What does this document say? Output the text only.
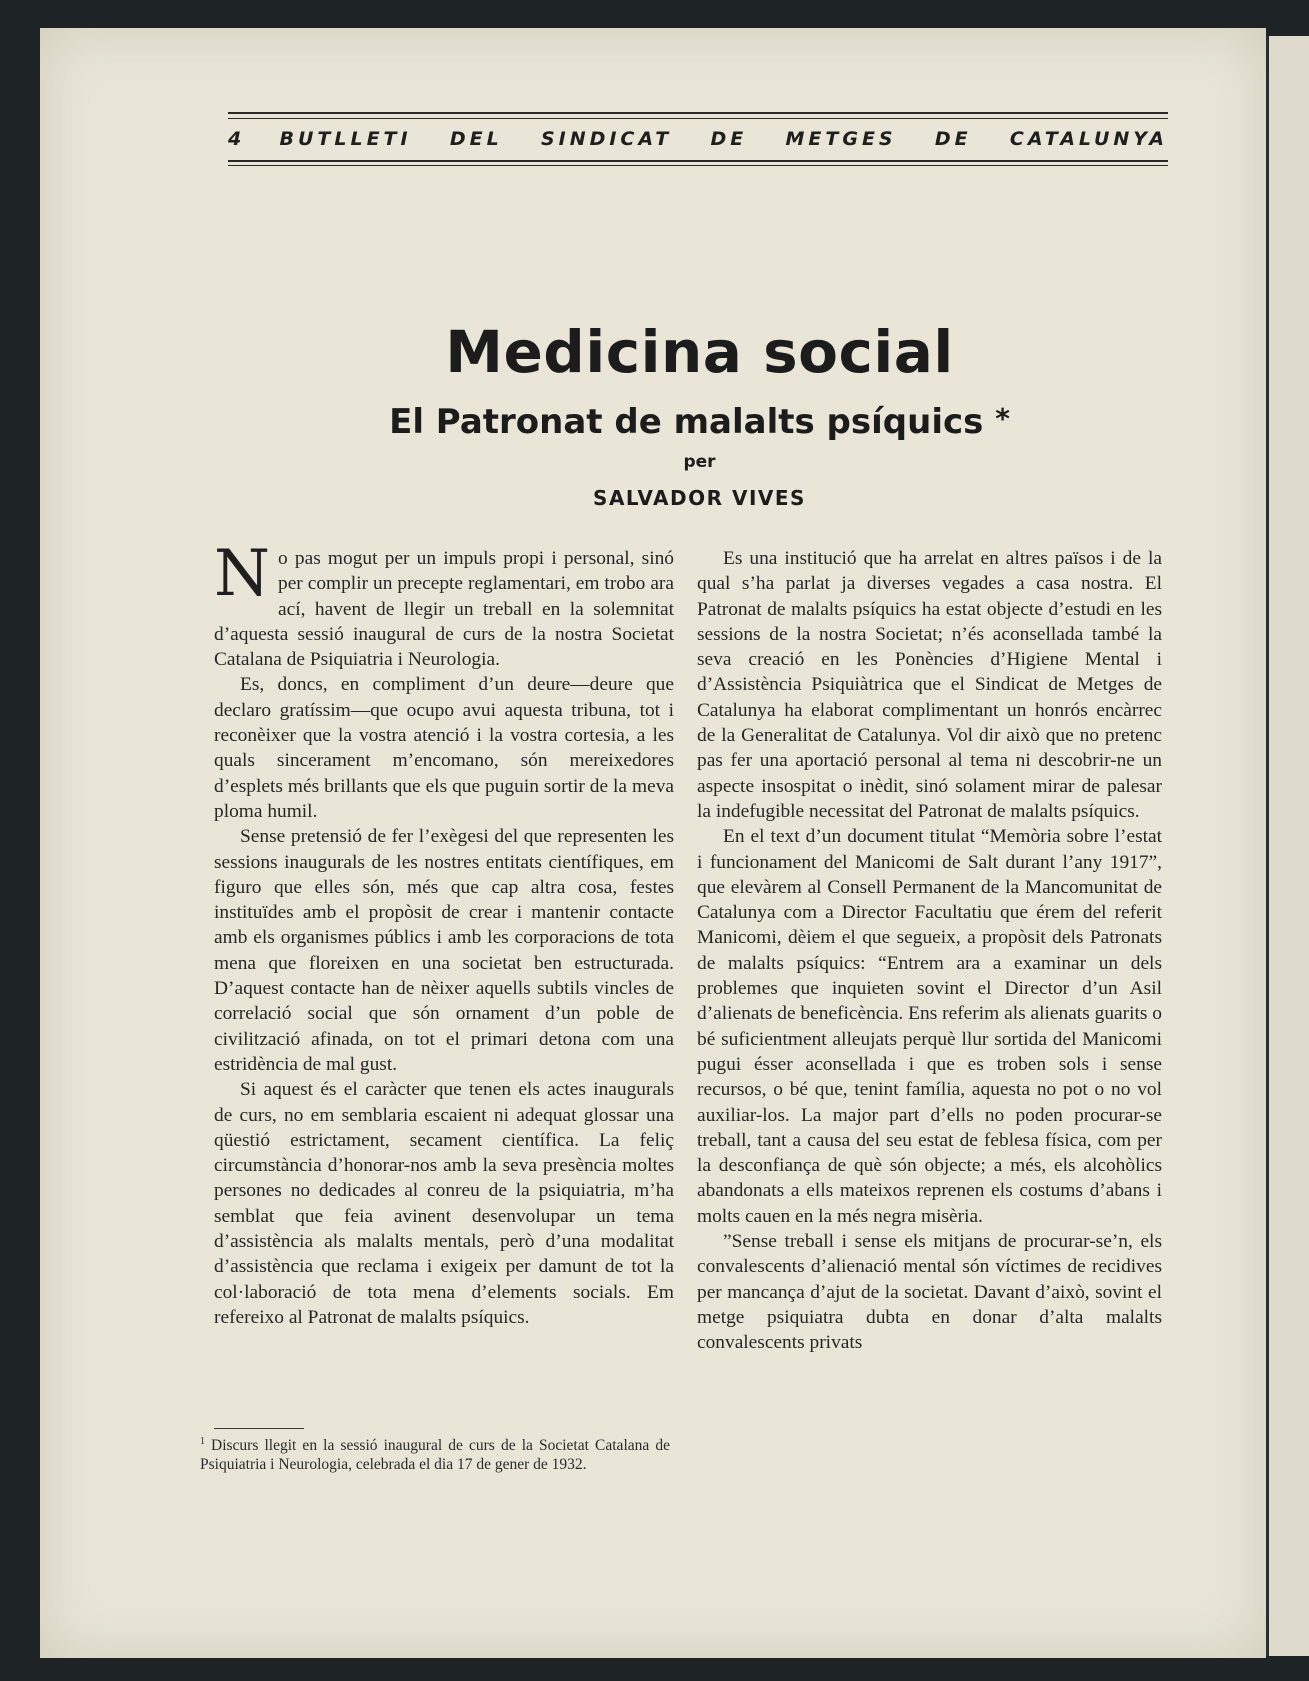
4 BUTLLETI DEL SINDICAT DE METGES DE CATALUNYA
Medicina social
El Patronat de malalts psíquics *
per
SALVADOR VIVES

No pas mogut per un impuls propi i personal, sinó per complir un precepte reglamentari, em trobo ara ací, havent de llegir un treball en la solemnitat d’aquesta sessió inaugural de curs de la nostra Societat Catalana de Psiquiatria i Neurologia.

Es, doncs, en compliment d’un deure—deure que declaro gratíssim—que ocupo avui aquesta tribuna, tot i reconèixer que la vostra atenció i la vostra cortesia, a les quals sincerament m’encomano, són mereixedores d’esplets més brillants que els que puguin sortir de la meva ploma humil.

Sense pretensió de fer l’exègesi del que representen les sessions inaugurals de les nostres entitats científiques, em figuro que elles són, més que cap altra cosa, festes instituïdes amb el propòsit de crear i mantenir contacte amb els organismes públics i amb les corporacions de tota mena que floreixen en una societat ben estructurada. D’aquest contacte han de nèixer aquells subtils vincles de correlació social que són ornament d’un poble de civilització afinada, on tot el primari detona com una estridència de mal gust.

Si aquest és el caràcter que tenen els actes inaugurals de curs, no em semblaria escaient ni adequat glossar una qüestió estrictament, secament científica. La feliç circumstància d’honorar-nos amb la seva presència moltes persones no dedicades al conreu de la psiquiatria, m’ha semblat que feia avinent desenvolupar un tema d’assistència als malalts mentals, però d’una modalitat d’assistència que reclama i exigeix per damunt de tot la col·laboració de tota mena d’elements socials. Em refereixo al Patronat de malalts psíquics.

$^1$ Discurs llegit en la sessió inaugural de curs de la Societat Catalana de Psiquiatria i Neurologia, celebrada el dia 17 de gener de 1932.

Es una institució que ha arrelat en altres països i de la qual s’ha parlat ja diverses vegades a casa nostra. El Patronat de malalts psíquics ha estat objecte d’estudi en les sessions de la nostra Societat; n’és aconsellada també la seva creació en les Ponències d’Higiene Mental i d’Assistència Psiquiàtrica que el Sindicat de Metges de Catalunya ha elaborat complimentant un honrós encàrrec de la Generalitat de Catalunya. Vol dir això que no pretenc pas fer una aportació personal al tema ni descobrir-ne un aspecte insospitat o inèdit, sinó solament mirar de palesar la indefugible necessitat del Patronat de malalts psíquics.

En el text d’un document titulat “Memòria sobre l’estat i funcionament del Manicomi de Salt durant l’any 1917”, que elevàrem al Consell Permanent de la Mancomunitat de Catalunya com a Director Facultatiu que érem del referit Manicomi, dèiem el que segueix, a propòsit dels Patronats de malalts psíquics: “Entrem ara a examinar un dels problemes que inquieten sovint el Director d’un Asil d’alienats de beneficència. Ens referim als alienats guarits o bé suficientment alleujats perquè llur sortida del Manicomi pugui ésser aconsellada i que es troben sols i sense recursos, o bé que, tenint família, aquesta no pot o no vol auxiliar-los. La major part d’ells no poden procurar-se treball, tant a causa del seu estat de feblesa física, com per la desconfiança de què són objecte; a més, els alcohòlics abandonats a ells mateixos reprenen els costums d’abans i molts cauen en la més negra misèria.

”Sense treball i sense els mitjans de procurar-se’n, els convalescents d’alienació mental són víctimes de recidives per mancança d’ajut de la societat. Davant d’això, sovint el metge psiquiatra dubta en donar d’alta malalts convalescents privats
